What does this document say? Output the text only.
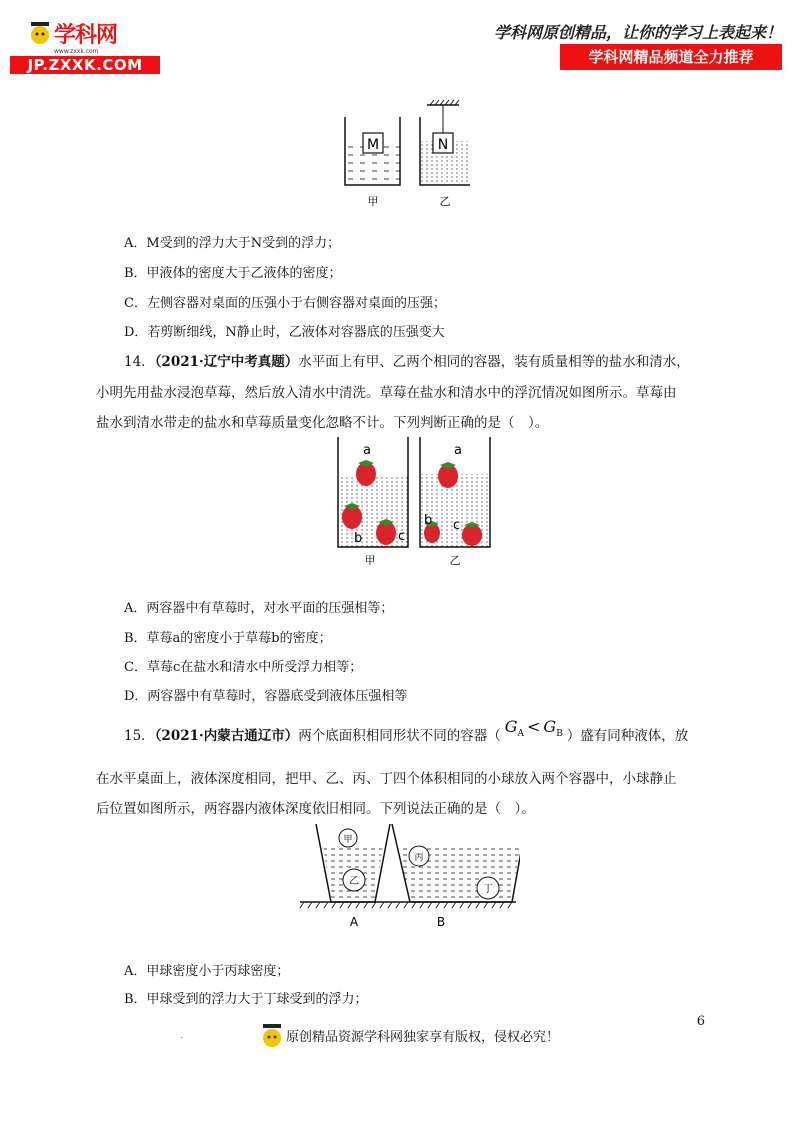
学科网
www.zxxk.com
JP.ZXXK.COM
学科网原创精品，让你的学习上表起来！
学科网精品频道全力推荐
M	N
甲	乙
A．M受到的浮力大于N受到的浮力；
B．甲液体的密度大于乙液体的密度；
C．左侧容器对桌面的压强小于右侧容器对桌面的压强；
D．若剪断细线，N静止时，乙液体对容器底的压强变大
14．（2021·辽宁中考真题）水平面上有甲、乙两个相同的容器，装有质量相等的盐水和清水，
小明先用盐水浸泡草莓，然后放入清水中清洗。草莓在盐水和清水中的浮沉情况如图所示。草莓由
盐水到清水带走的盐水和草莓质量变化忽略不计。下列判断正确的是（　）。
a
b	c
a
b c
甲	乙
A．两容器中有草莓时，对水平面的压强相等；
B．草莓a的密度小于草莓b的密度；
C．草莓c在盐水和清水中所受浮力相等；
D．两容器中有草莓时，容器底受到液体压强相等
15．（2021·内蒙古通辽市）两个底面积相同形状不同的容器（ $G_A < G_B$ ）盛有同种液体，放
在水平桌面上，液体深度相同，把甲、乙、丙、丁四个体积相同的小球放入两个容器中，小球静止
后位置如图所示，两容器内液体深度依旧相同。下列说法正确的是（　）。
甲
乙
丙
丁
A	B
A．甲球密度小于丙球密度；
B．甲球受到的浮力大于丁球受到的浮力；
6
.	原创精品资源学科网独家享有版权，侵权必究！
